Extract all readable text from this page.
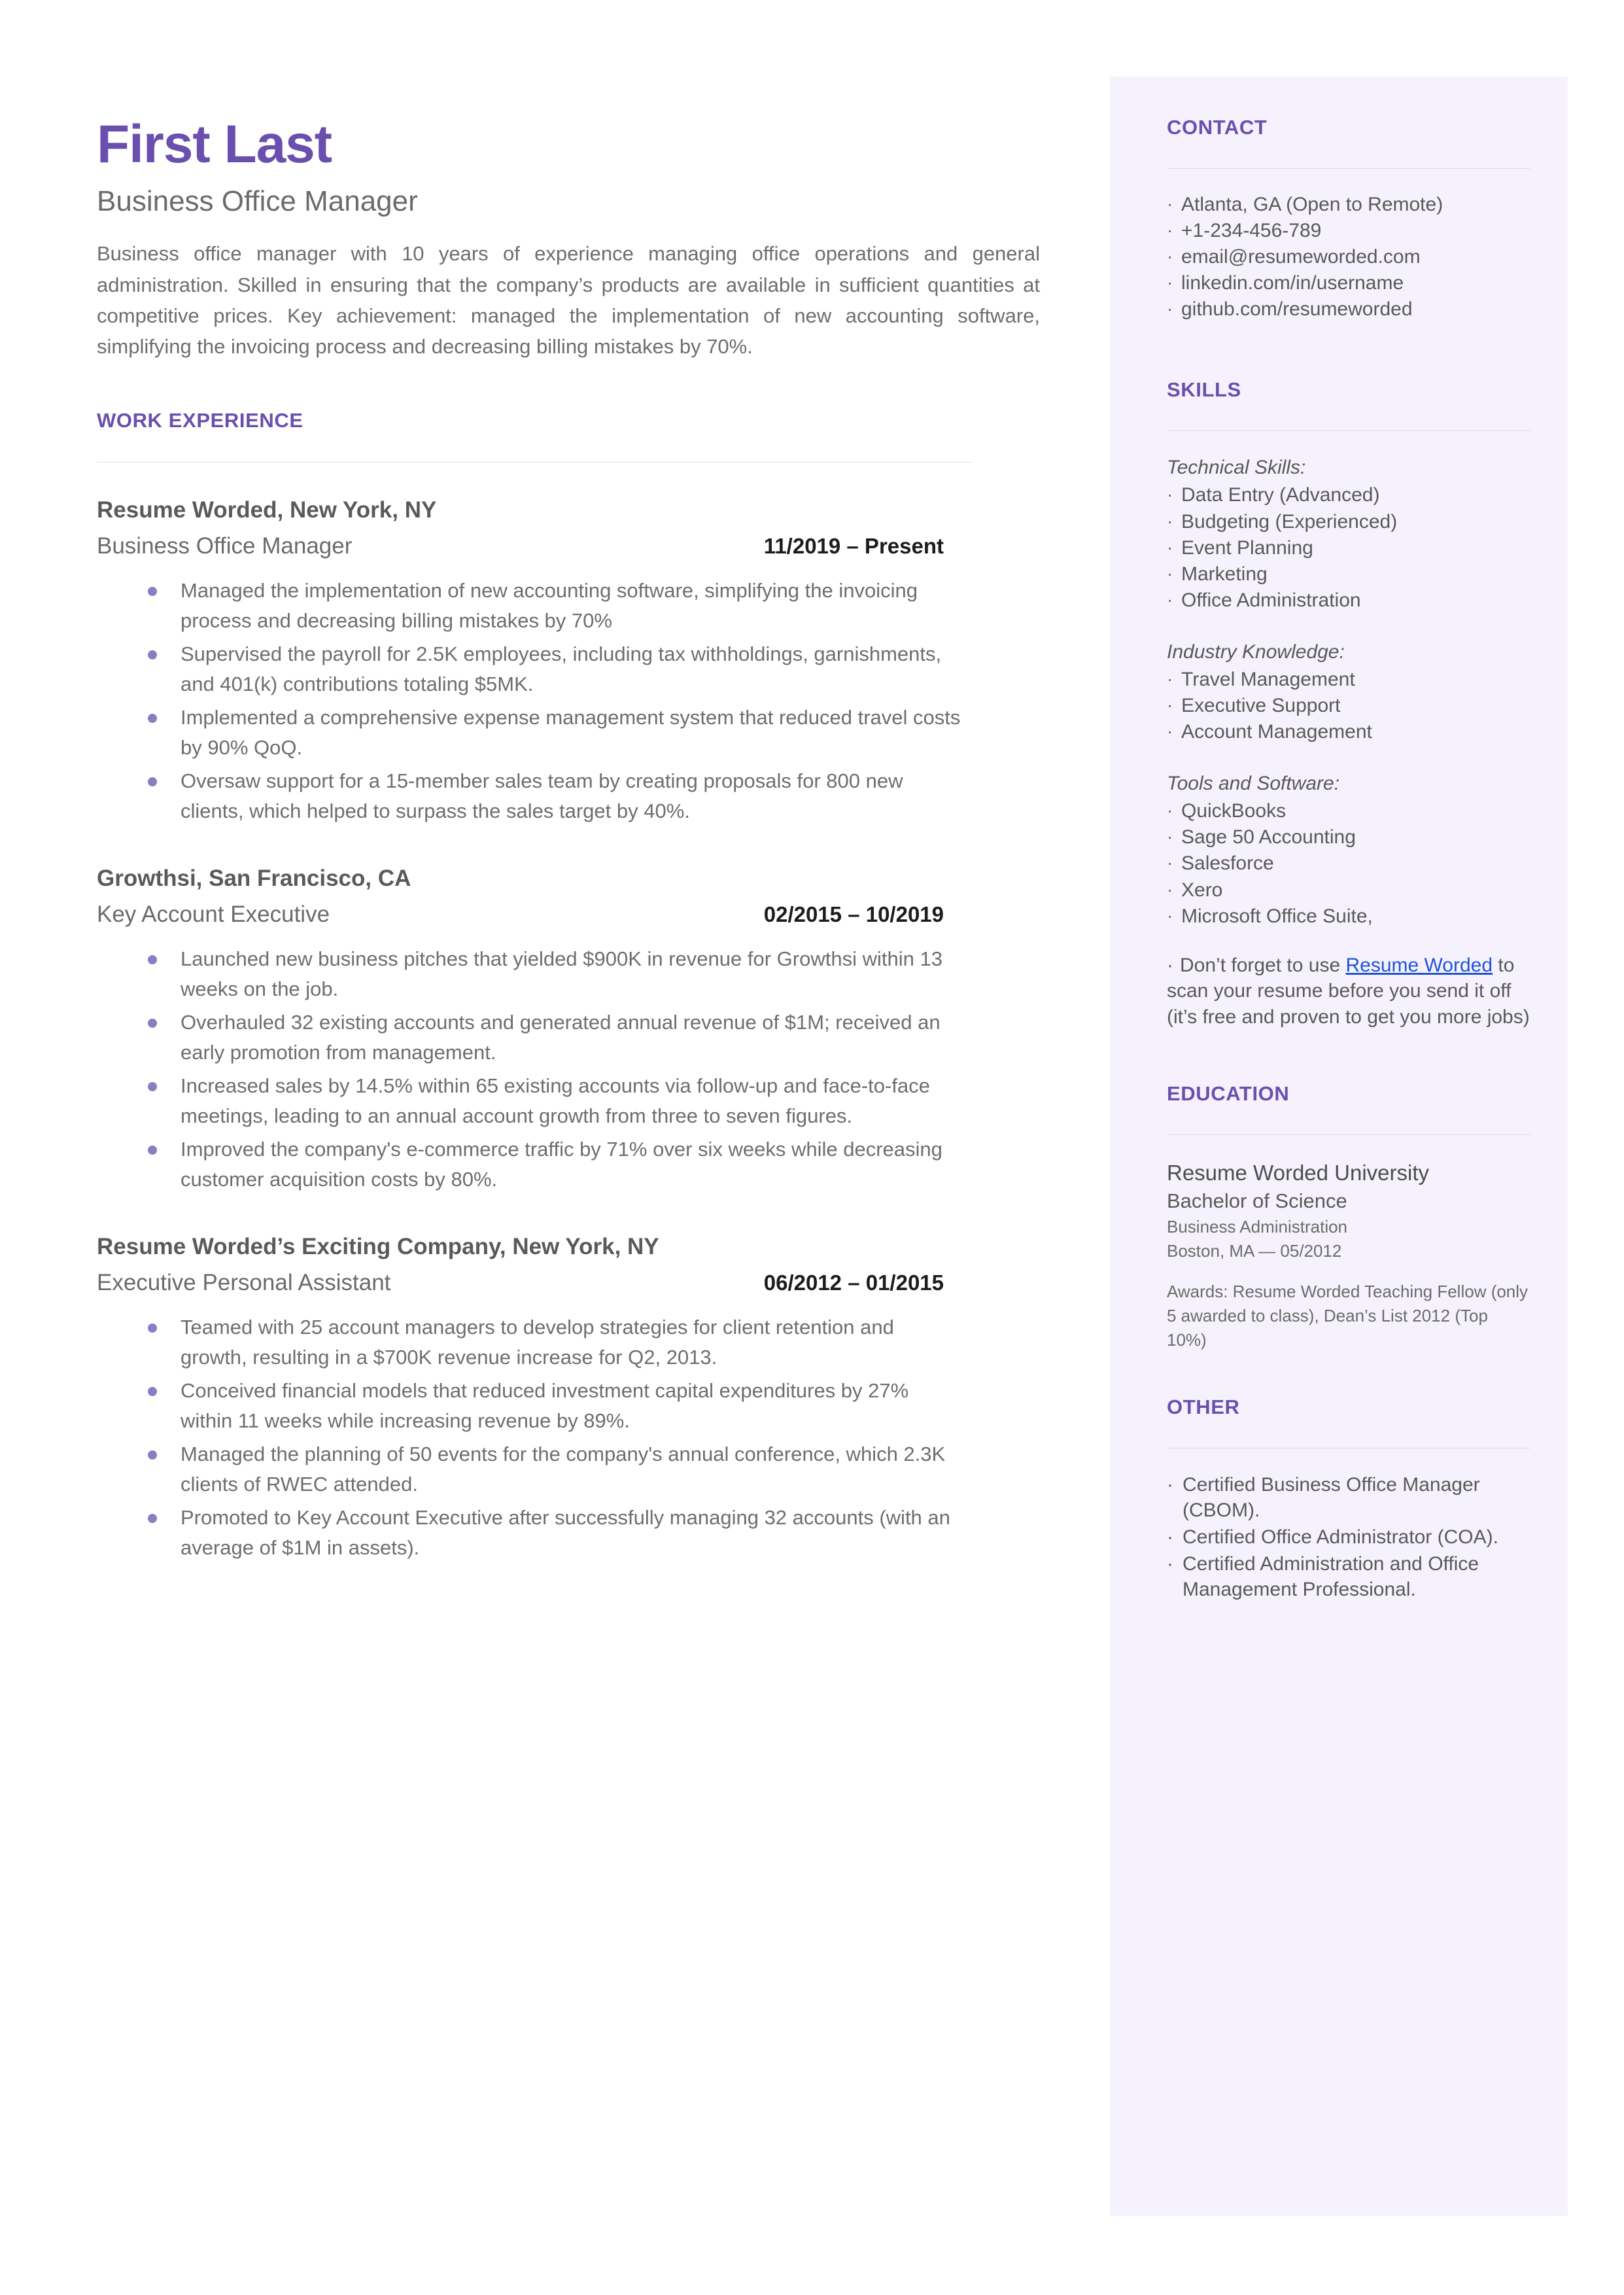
First Last
Business Office Manager
Business office manager with 10 years of experience managing office operations and general administration. Skilled in ensuring that the company’s products are available in sufficient quantities at competitive prices. Key achievement: managed the implementation of new accounting software, simplifying the invoicing process and decreasing billing mistakes by 70%.
WORK EXPERIENCE
Resume Worded, New York, NY
Business Office Manager	11/2019 – Present
Managed the implementation of new accounting software, simplifying the invoicing process and decreasing billing mistakes by 70%
Supervised the payroll for 2.5K employees, including tax withholdings, garnishments, and 401(k) contributions totaling $5MK.
Implemented a comprehensive expense management system that reduced travel costs by 90% QoQ.
Oversaw support for a 15-member sales team by creating proposals for 800 new clients, which helped to surpass the sales target by 40%.
Growthsi, San Francisco, CA
Key Account Executive	02/2015 – 10/2019
Launched new business pitches that yielded $900K in revenue for Growthsi within 13 weeks on the job.
Overhauled 32 existing accounts and generated annual revenue of $1M; received an early promotion from management.
Increased sales by 14.5% within 65 existing accounts via follow-up and face-to-face meetings, leading to an annual account growth from three to seven figures.
Improved the company's e-commerce traffic by 71% over six weeks while decreasing customer acquisition costs by 80%.
Resume Worded’s Exciting Company, New York, NY
Executive Personal Assistant	06/2012 – 01/2015
Teamed with 25 account managers to develop strategies for client retention and growth, resulting in a $700K revenue increase for Q2, 2013.
Conceived financial models that reduced investment capital expenditures by 27% within 11 weeks while increasing revenue by 89%.
Managed the planning of 50 events for the company's annual conference, which 2.3K clients of RWEC attended.
Promoted to Key Account Executive after successfully managing 32 accounts (with an average of $1M in assets).
CONTACT
· Atlanta, GA (Open to Remote)
· +1-234-456-789
· email@resumeworded.com
· linkedin.com/in/username
· github.com/resumeworded
SKILLS
Technical Skills:
· Data Entry (Advanced)
· Budgeting (Experienced)
· Event Planning
· Marketing
· Office Administration
Industry Knowledge:
· Travel Management
· Executive Support
· Account Management
Tools and Software:
· QuickBooks
· Sage 50 Accounting
· Salesforce
· Xero
· Microsoft Office Suite,
· Don’t forget to use Resume Worded to scan your resume before you send it off (it’s free and proven to get you more jobs)
EDUCATION
Resume Worded University
Bachelor of Science
Business Administration
Boston, MA — 05/2012
Awards: Resume Worded Teaching Fellow (only 5 awarded to class), Dean’s List 2012 (Top 10%)
OTHER
· Certified Business Office Manager (CBOM).
· Certified Office Administrator (COA).
· Certified Administration and Office Management Professional.
